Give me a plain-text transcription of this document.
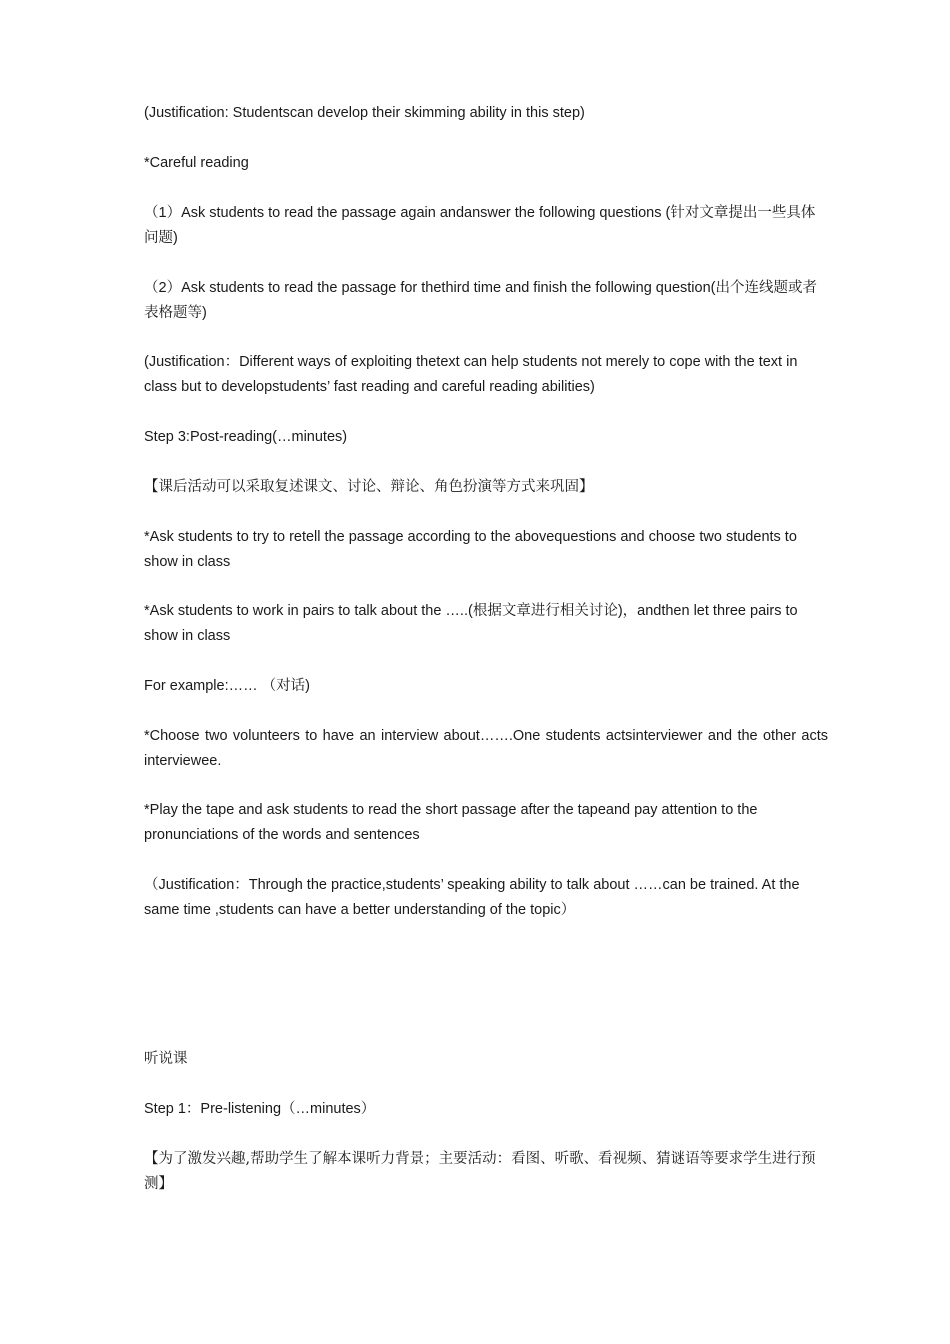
(Justification: Studentscan develop their skimming ability in this step)

*Careful reading

（1）Ask students to read the passage again andanswer the following questions (针对文章提出一些具体问题)

（2）Ask students to read the passage for thethird time and finish the following question(出个连线题或者表格题等)

(Justification：Different ways of exploiting thetext can help students not merely to cope with the text in class but to developstudents’ fast reading and careful reading abilities)

Step 3:Post-reading(…minutes)

【课后活动可以采取复述课文、讨论、辩论、角色扮演等方式来巩固】

*Ask students to try to retell the passage according to the abovequestions and choose two students to show in class

*Ask students to work in pairs to talk about the …..(根据文章进行相关讨论)，andthen let three pairs to show in class

For example:…… （对话)

*Choose two volunteers to have an interview about…….One students actsinterviewer and the other acts interviewee.

*Play the tape and ask students to read the short passage after the tapeand pay attention to the pronunciations of the words and sentences

（Justification：Through the practice,students’ speaking ability to talk about ……can be trained. At the same time ,students can have a better understanding of the topic）

听说课

Step 1：Pre-listening（…minutes）

【为了激发兴趣,帮助学生了解本课听力背景；主要活动：看图、听歌、看视频、猜谜语等要求学生进行预测】
